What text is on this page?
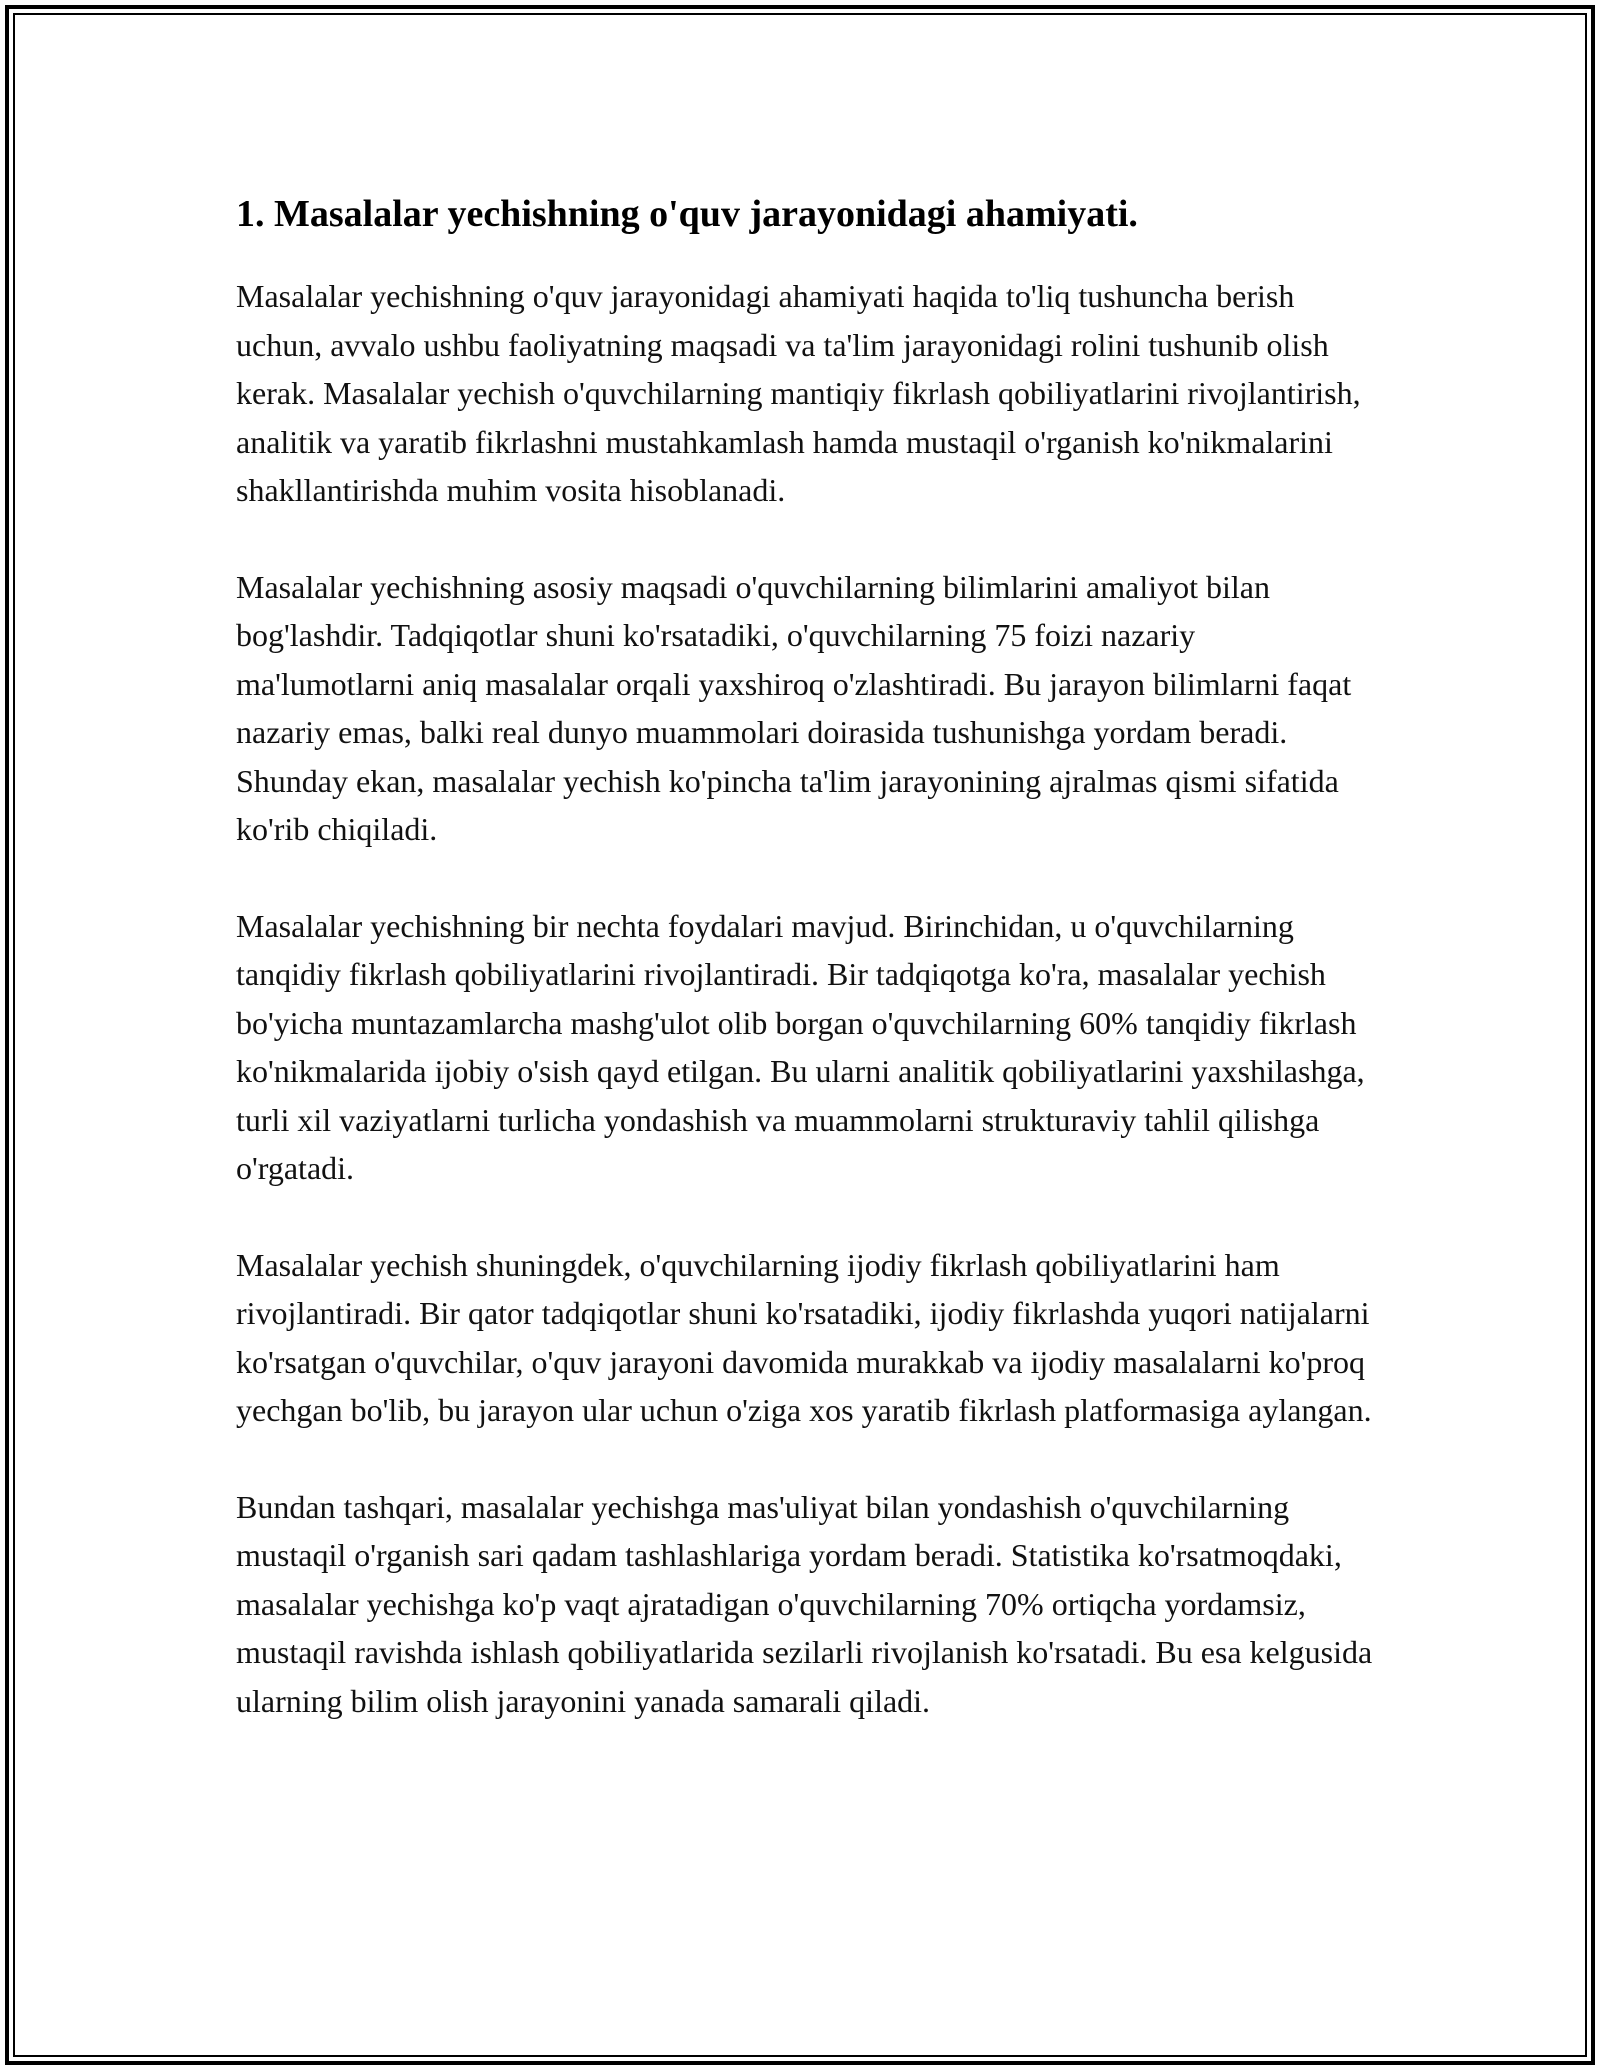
1. Masalalar yechishning o'quv jarayonidagi ahamiyati.

Masalalar yechishning o'quv jarayonidagi ahamiyati haqida to'liq tushuncha berish uchun, avvalo ushbu faoliyatning maqsadi va ta'lim jarayonidagi rolini tushunib olish kerak. Masalalar yechish o'quvchilarning mantiqiy fikrlash qobiliyatlarini rivojlantirish, analitik va yaratib fikrlashni mustahkamlash hamda mustaqil o'rganish ko'nikmalarini shakllantirishda muhim vosita hisoblanadi.

Masalalar yechishning asosiy maqsadi o'quvchilarning bilimlarini amaliyot bilan bog'lashdir. Tadqiqotlar shuni ko'rsatadiki, o'quvchilarning 75 foizi nazariy ma'lumotlarni aniq masalalar orqali yaxshiroq o'zlashtiradi. Bu jarayon bilimlarni faqat nazariy emas, balki real dunyo muammolari doirasida tushunishga yordam beradi. Shunday ekan, masalalar yechish ko'pincha ta'lim jarayonining ajralmas qismi sifatida ko'rib chiqiladi.

Masalalar yechishning bir nechta foydalari mavjud. Birinchidan, u o'quvchilarning tanqidiy fikrlash qobiliyatlarini rivojlantiradi. Bir tadqiqotga ko'ra, masalalar yechish bo'yicha muntazamlarcha mashg'ulot olib borgan o'quvchilarning 60% tanqidiy fikrlash ko'nikmalarida ijobiy o'sish qayd etilgan. Bu ularni analitik qobiliyatlarini yaxshilashga, turli xil vaziyatlarni turlicha yondashish va muammolarni strukturaviy tahlil qilishga o'rgatadi.

Masalalar yechish shuningdek, o'quvchilarning ijodiy fikrlash qobiliyatlarini ham rivojlantiradi. Bir qator tadqiqotlar shuni ko'rsatadiki, ijodiy fikrlashda yuqori natijalarni ko'rsatgan o'quvchilar, o'quv jarayoni davomida murakkab va ijodiy masalalarni ko'proq yechgan bo'lib, bu jarayon ular uchun o'ziga xos yaratib fikrlash platformasiga aylangan.

Bundan tashqari, masalalar yechishga mas'uliyat bilan yondashish o'quvchilarning mustaqil o'rganish sari qadam tashlashlariga yordam beradi. Statistika ko'rsatmoqdaki, masalalar yechishga ko'p vaqt ajratadigan o'quvchilarning 70% ortiqcha yordamsiz, mustaqil ravishda ishlash qobiliyatlarida sezilarli rivojlanish ko'rsatadi. Bu esa kelgusida ularning bilim olish jarayonini yanada samarali qiladi.
